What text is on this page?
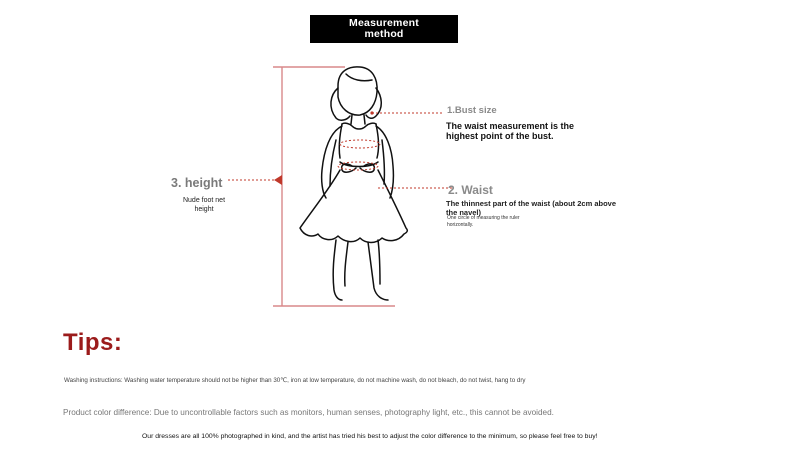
Measurement
method
1.Bust size
The waist measurement is the highest point of the bust.
3. height
Nude foot net height
2. Waist
The thinnest part of the waist (about 2cm above the navel)
One circle of measuring the ruler horizontally.
Tips:
Washing instructions: Washing water temperature should not be higher than 30℃, iron at low temperature, do not machine wash, do not bleach, do not twist, hang to dry
Product color difference: Due to uncontrollable factors such as monitors, human senses, photography light, etc., this cannot be avoided.
Our dresses are all 100% photographed in kind, and the artist has tried his best to adjust the color difference to the minimum, so please feel free to buy!
